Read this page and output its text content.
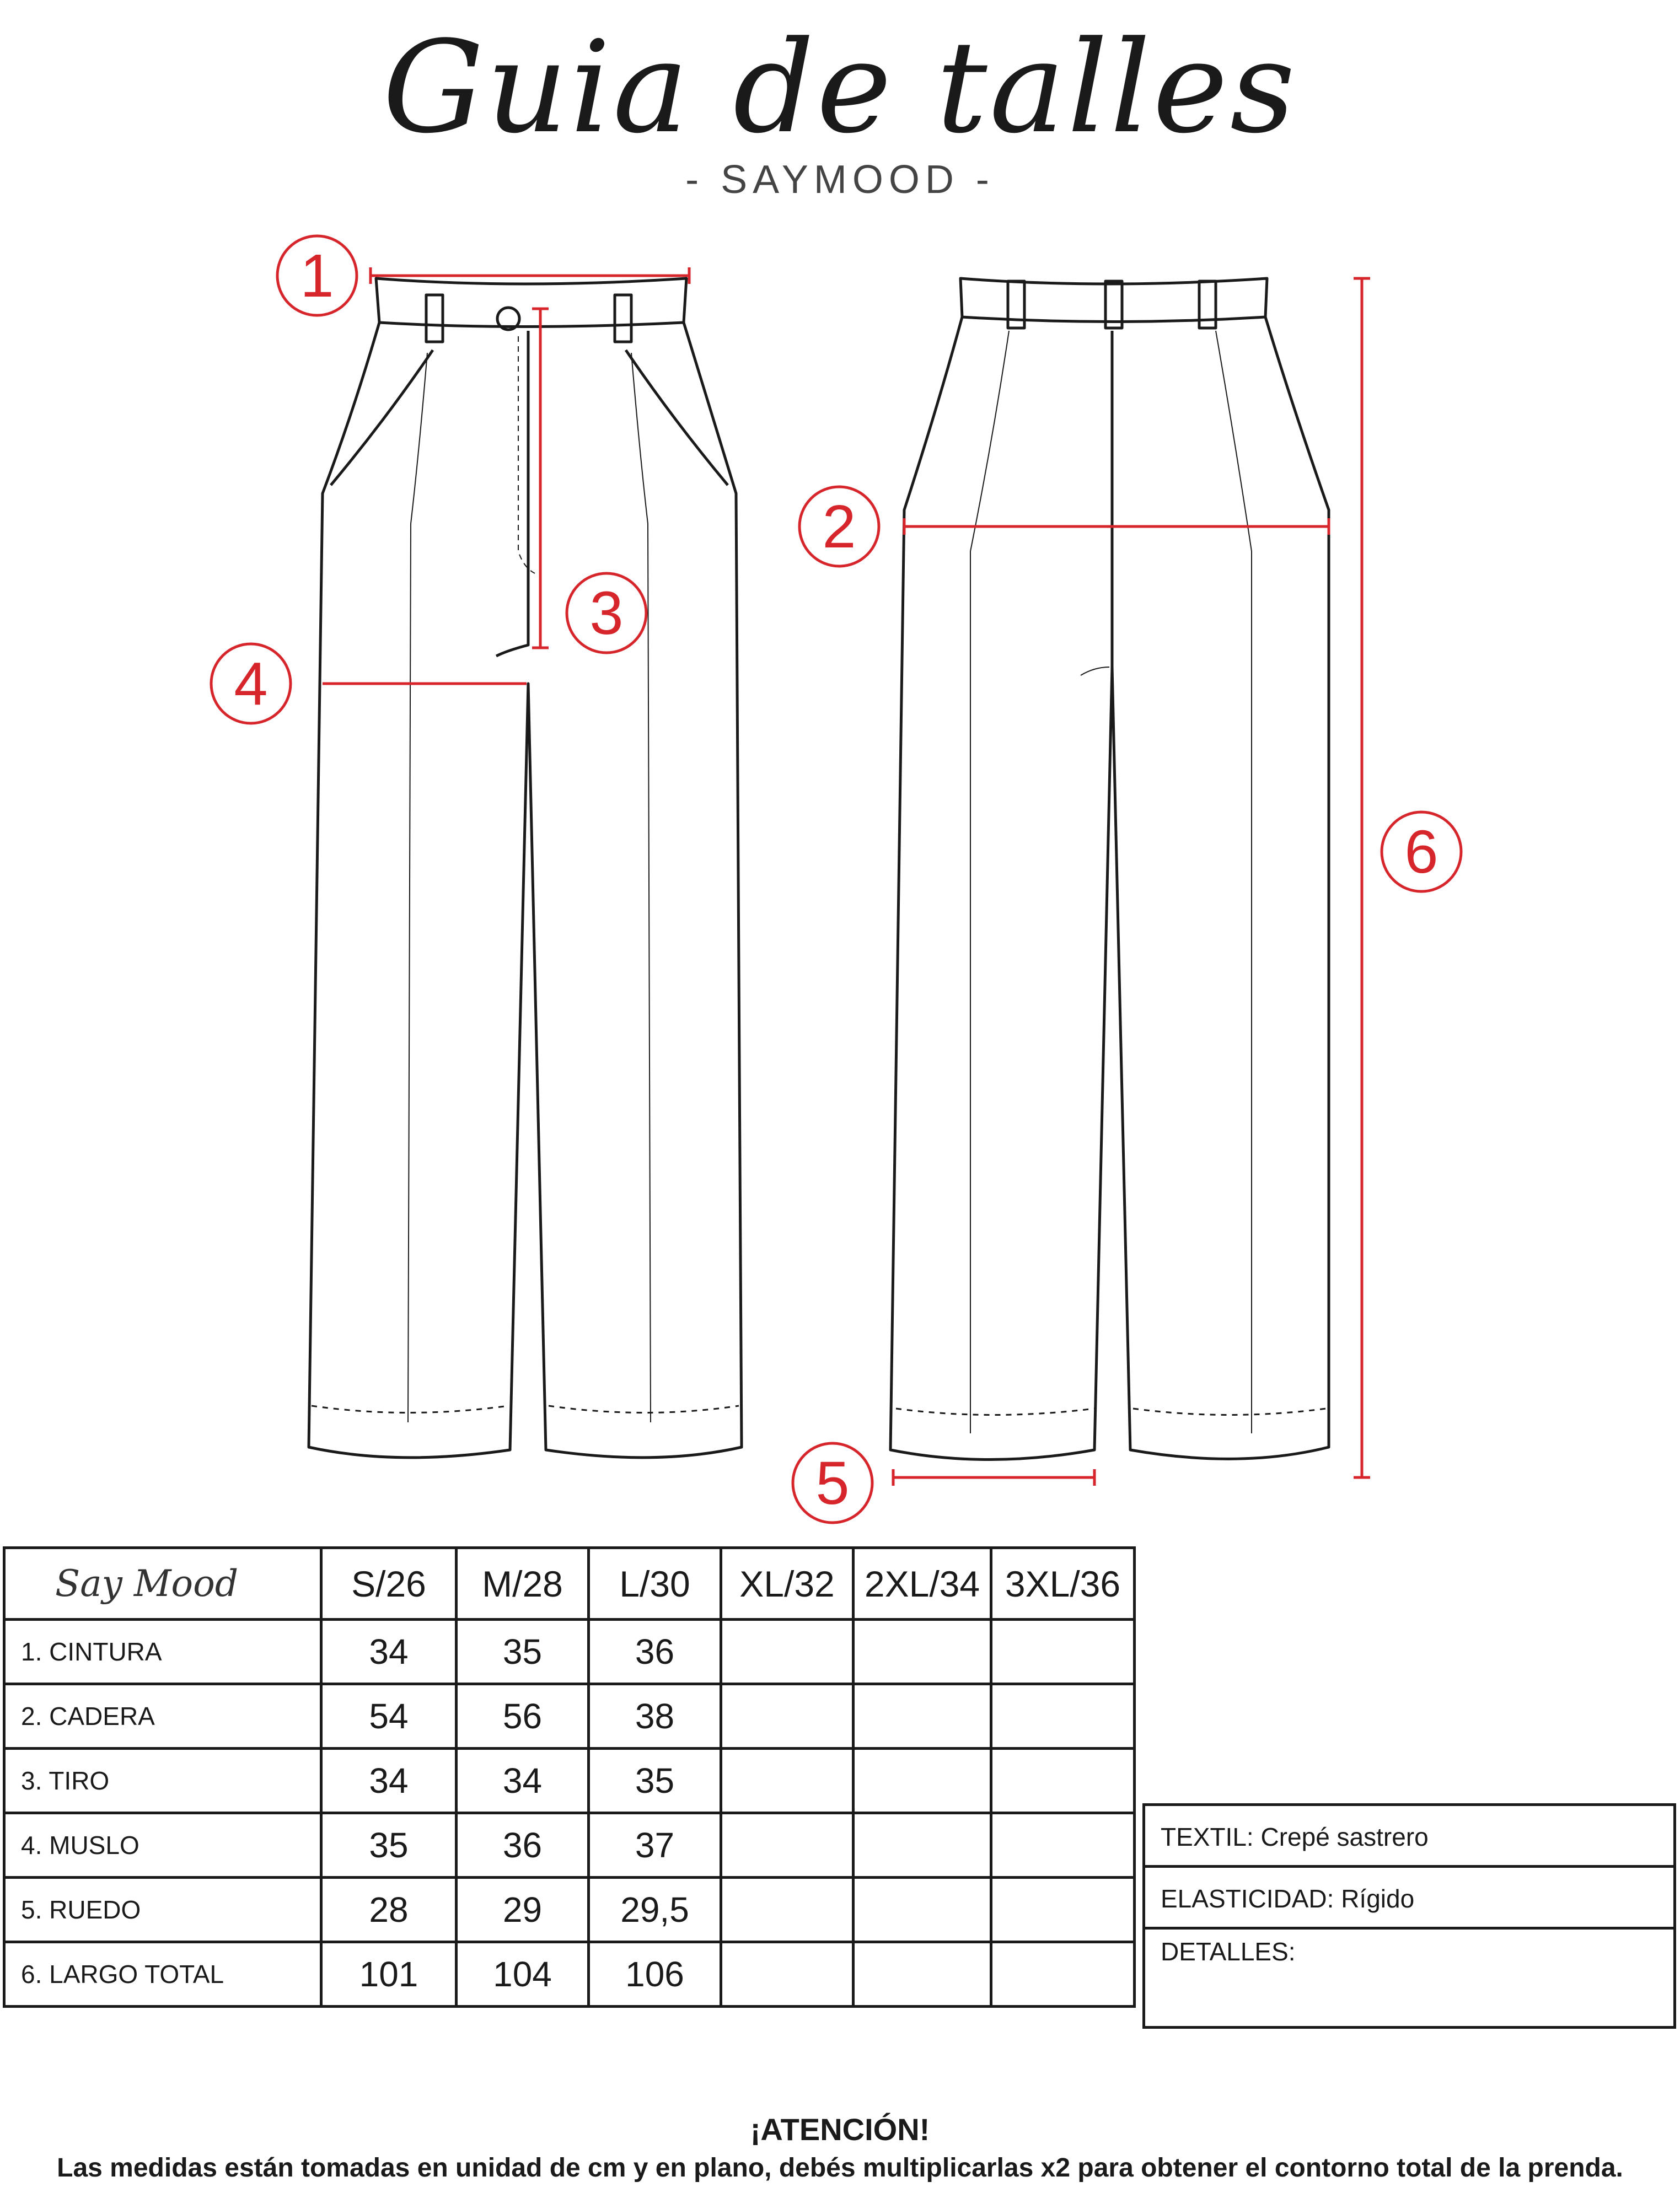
Guia de talles
- SAYMOOD -
1
2
3
4
5
6
Say Mood	S/26	M/28	L/30	XL/32	2XL/34	3XL/36
1. CINTURA	34	35	36			
2. CADERA	54	56	38			
3. TIRO	34	34	35			
4. MUSLO	35	36	37			
5. RUEDO	28	29	29,5			
6. LARGO TOTAL	101	104	106			
TEXTIL: Crepé sastrero
ELASTICIDAD: Rígido
DETALLES:
¡ATENCIÓN!
Las medidas están tomadas en unidad de cm y en plano, debés multiplicarlas x2 para obtener el contorno total de la prenda.
